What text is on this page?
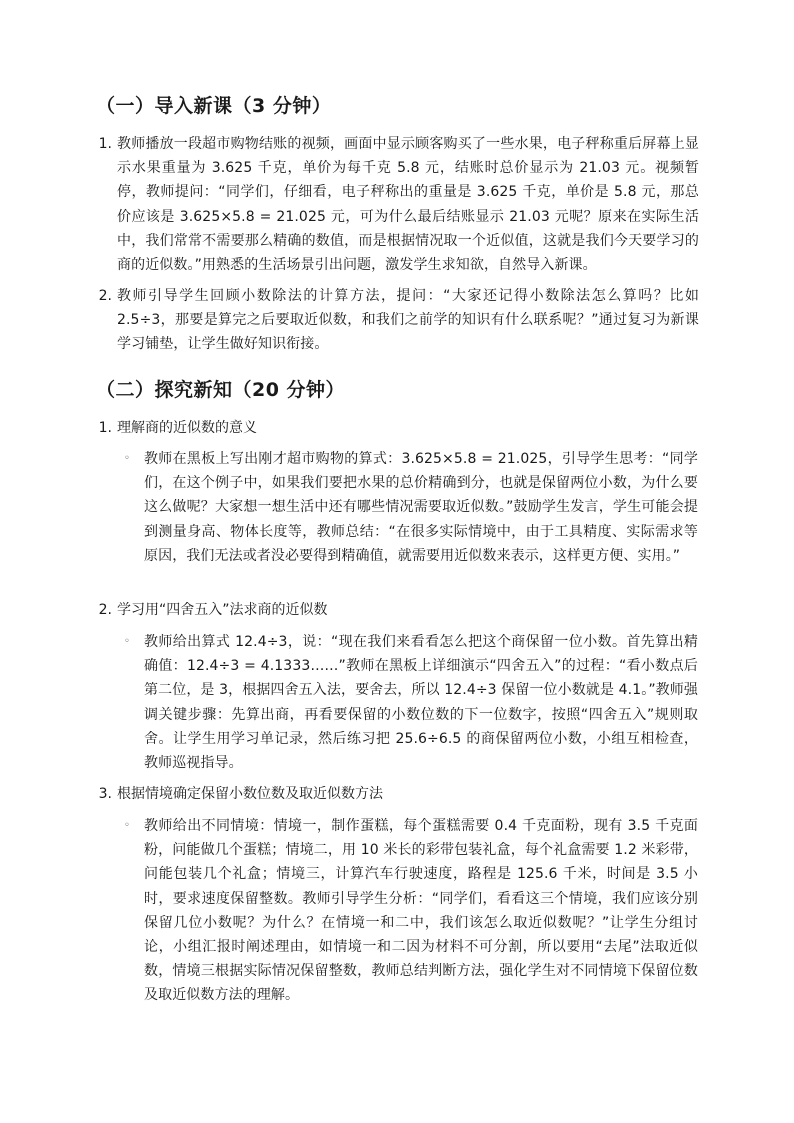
（一）导入新课（3 分钟）
1. 教师播放一段超市购物结账的视频，画面中显示顾客购买了一些水果，电子秤称重后屏幕上显示水果重量为 3.625 千克，单价为每千克 5.8 元，结账时总价显示为 21.03 元。视频暂停，教师提问：“同学们，仔细看，电子秤称出的重量是 3.625 千克，单价是 5.8 元，那总价应该是 3.625×5.8 = 21.025 元，可为什么最后结账显示 21.03 元呢？原来在实际生活中，我们常常不需要那么精确的数值，而是根据情况取一个近似值，这就是我们今天要学习的商的近似数。”用熟悉的生活场景引出问题，激发学生求知欲，自然导入新课。

2. 教师引导学生回顾小数除法的计算方法，提问：“大家还记得小数除法怎么算吗？比如 2.5÷3，那要是算完之后要取近似数，和我们之前学的知识有什么联系呢？”通过复习为新课学习铺垫，让学生做好知识衔接。

（二）探究新知（20 分钟）
1. 理解商的近似数的意义

◦ 教师在黑板上写出刚才超市购物的算式：3.625×5.8 = 21.025，引导学生思考：“同学们，在这个例子中，如果我们要把水果的总价精确到分，也就是保留两位小数，为什么要这么做呢？大家想一想生活中还有哪些情况需要取近似数。”鼓励学生发言，学生可能会提到测量身高、物体长度等，教师总结：“在很多实际情境中，由于工具精度、实际需求等原因，我们无法或者没必要得到精确值，就需要用近似数来表示，这样更方便、实用。”

2. 学习用“四舍五入”法求商的近似数

◦ 教师给出算式 12.4÷3，说：“现在我们来看看怎么把这个商保留一位小数。首先算出精确值：12.4÷3 = 4.1333……”教师在黑板上详细演示“四舍五入”的过程：“看小数点后第二位，是 3，根据四舍五入法，要舍去，所以 12.4÷3 保留一位小数就是 4.1。”教师强调关键步骤：先算出商，再看要保留的小数位数的下一位数字，按照“四舍五入”规则取舍。让学生用学习单记录，然后练习把 25.6÷6.5 的商保留两位小数，小组互相检查，教师巡视指导。

3. 根据情境确定保留小数位数及取近似数方法

◦ 教师给出不同情境：情境一，制作蛋糕，每个蛋糕需要 0.4 千克面粉，现有 3.5 千克面粉，问能做几个蛋糕；情境二，用 10 米长的彩带包装礼盒，每个礼盒需要 1.2 米彩带，问能包装几个礼盒；情境三，计算汽车行驶速度，路程是 125.6 千米，时间是 3.5 小时，要求速度保留整数。教师引导学生分析：“同学们，看看这三个情境，我们应该分别保留几位小数呢？为什么？在情境一和二中，我们该怎么取近似数呢？”让学生分组讨论，小组汇报时阐述理由，如情境一和二因为材料不可分割，所以要用“去尾”法取近似数，情境三根据实际情况保留整数，教师总结判断方法，强化学生对不同情境下保留位数及取近似数方法的理解。
